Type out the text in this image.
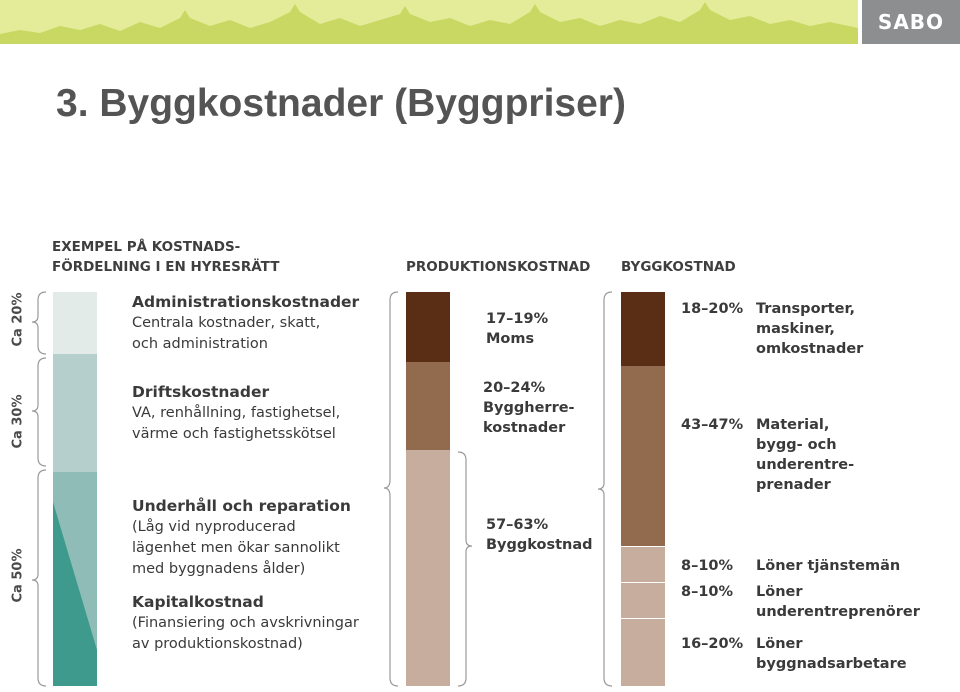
SABO
3. Byggkostnader (Byggpriser)
EXEMPEL PÅ KOSTNADS-
FÖRDELNING I EN HYRESRÄTT	PRODUKTIONSKOSTNAD BYGGKOSTNAD
Ca 20%
Ca 30%
Ca 50%
Administrationskostnader
Centrala kostnader, skatt,
och administration
Driftskostnader
VA, renhållning, fastighetsel,
värme och fastighetsskötsel
Underhåll och reparation
(Låg vid nyproducerad
lägenhet men ökar sannolikt
med byggnadens ålder)
Kapitalkostnad
(Finansiering och avskrivningar
av produktionskostnad)
17–19%
Moms
20–24%
Byggherre-
kostnader
57–63%
Byggkostnad
18–20% Transporter,
maskiner,
omkostnader
43–47% Material,
bygg- och
underentre-
prenader
8–10% Löner tjänstemän
8–10% Löner
underentreprenörer
16–20% Löner
byggnadsarbetare
